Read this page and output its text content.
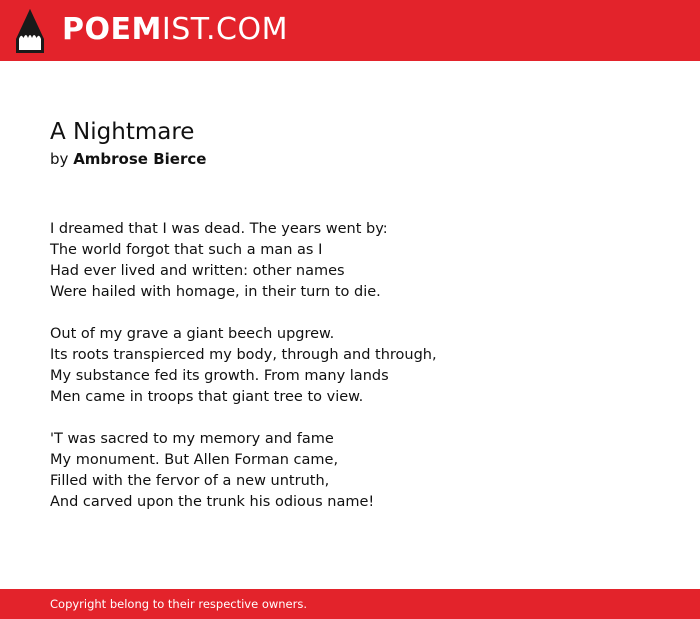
POEMIST.COM
A Nightmare
by Ambrose Bierce
I dreamed that I was dead. The years went by:
The world forgot that such a man as I
Had ever lived and written: other names
Were hailed with homage, in their turn to die.
Out of my grave a giant beech upgrew.
Its roots transpierced my body, through and through,
My substance fed its growth. From many lands
Men came in troops that giant tree to view.
'T was sacred to my memory and fame
My monument. But Allen Forman came,
Filled with the fervor of a new untruth,
And carved upon the trunk his odious name!
Copyright belong to their respective owners.
